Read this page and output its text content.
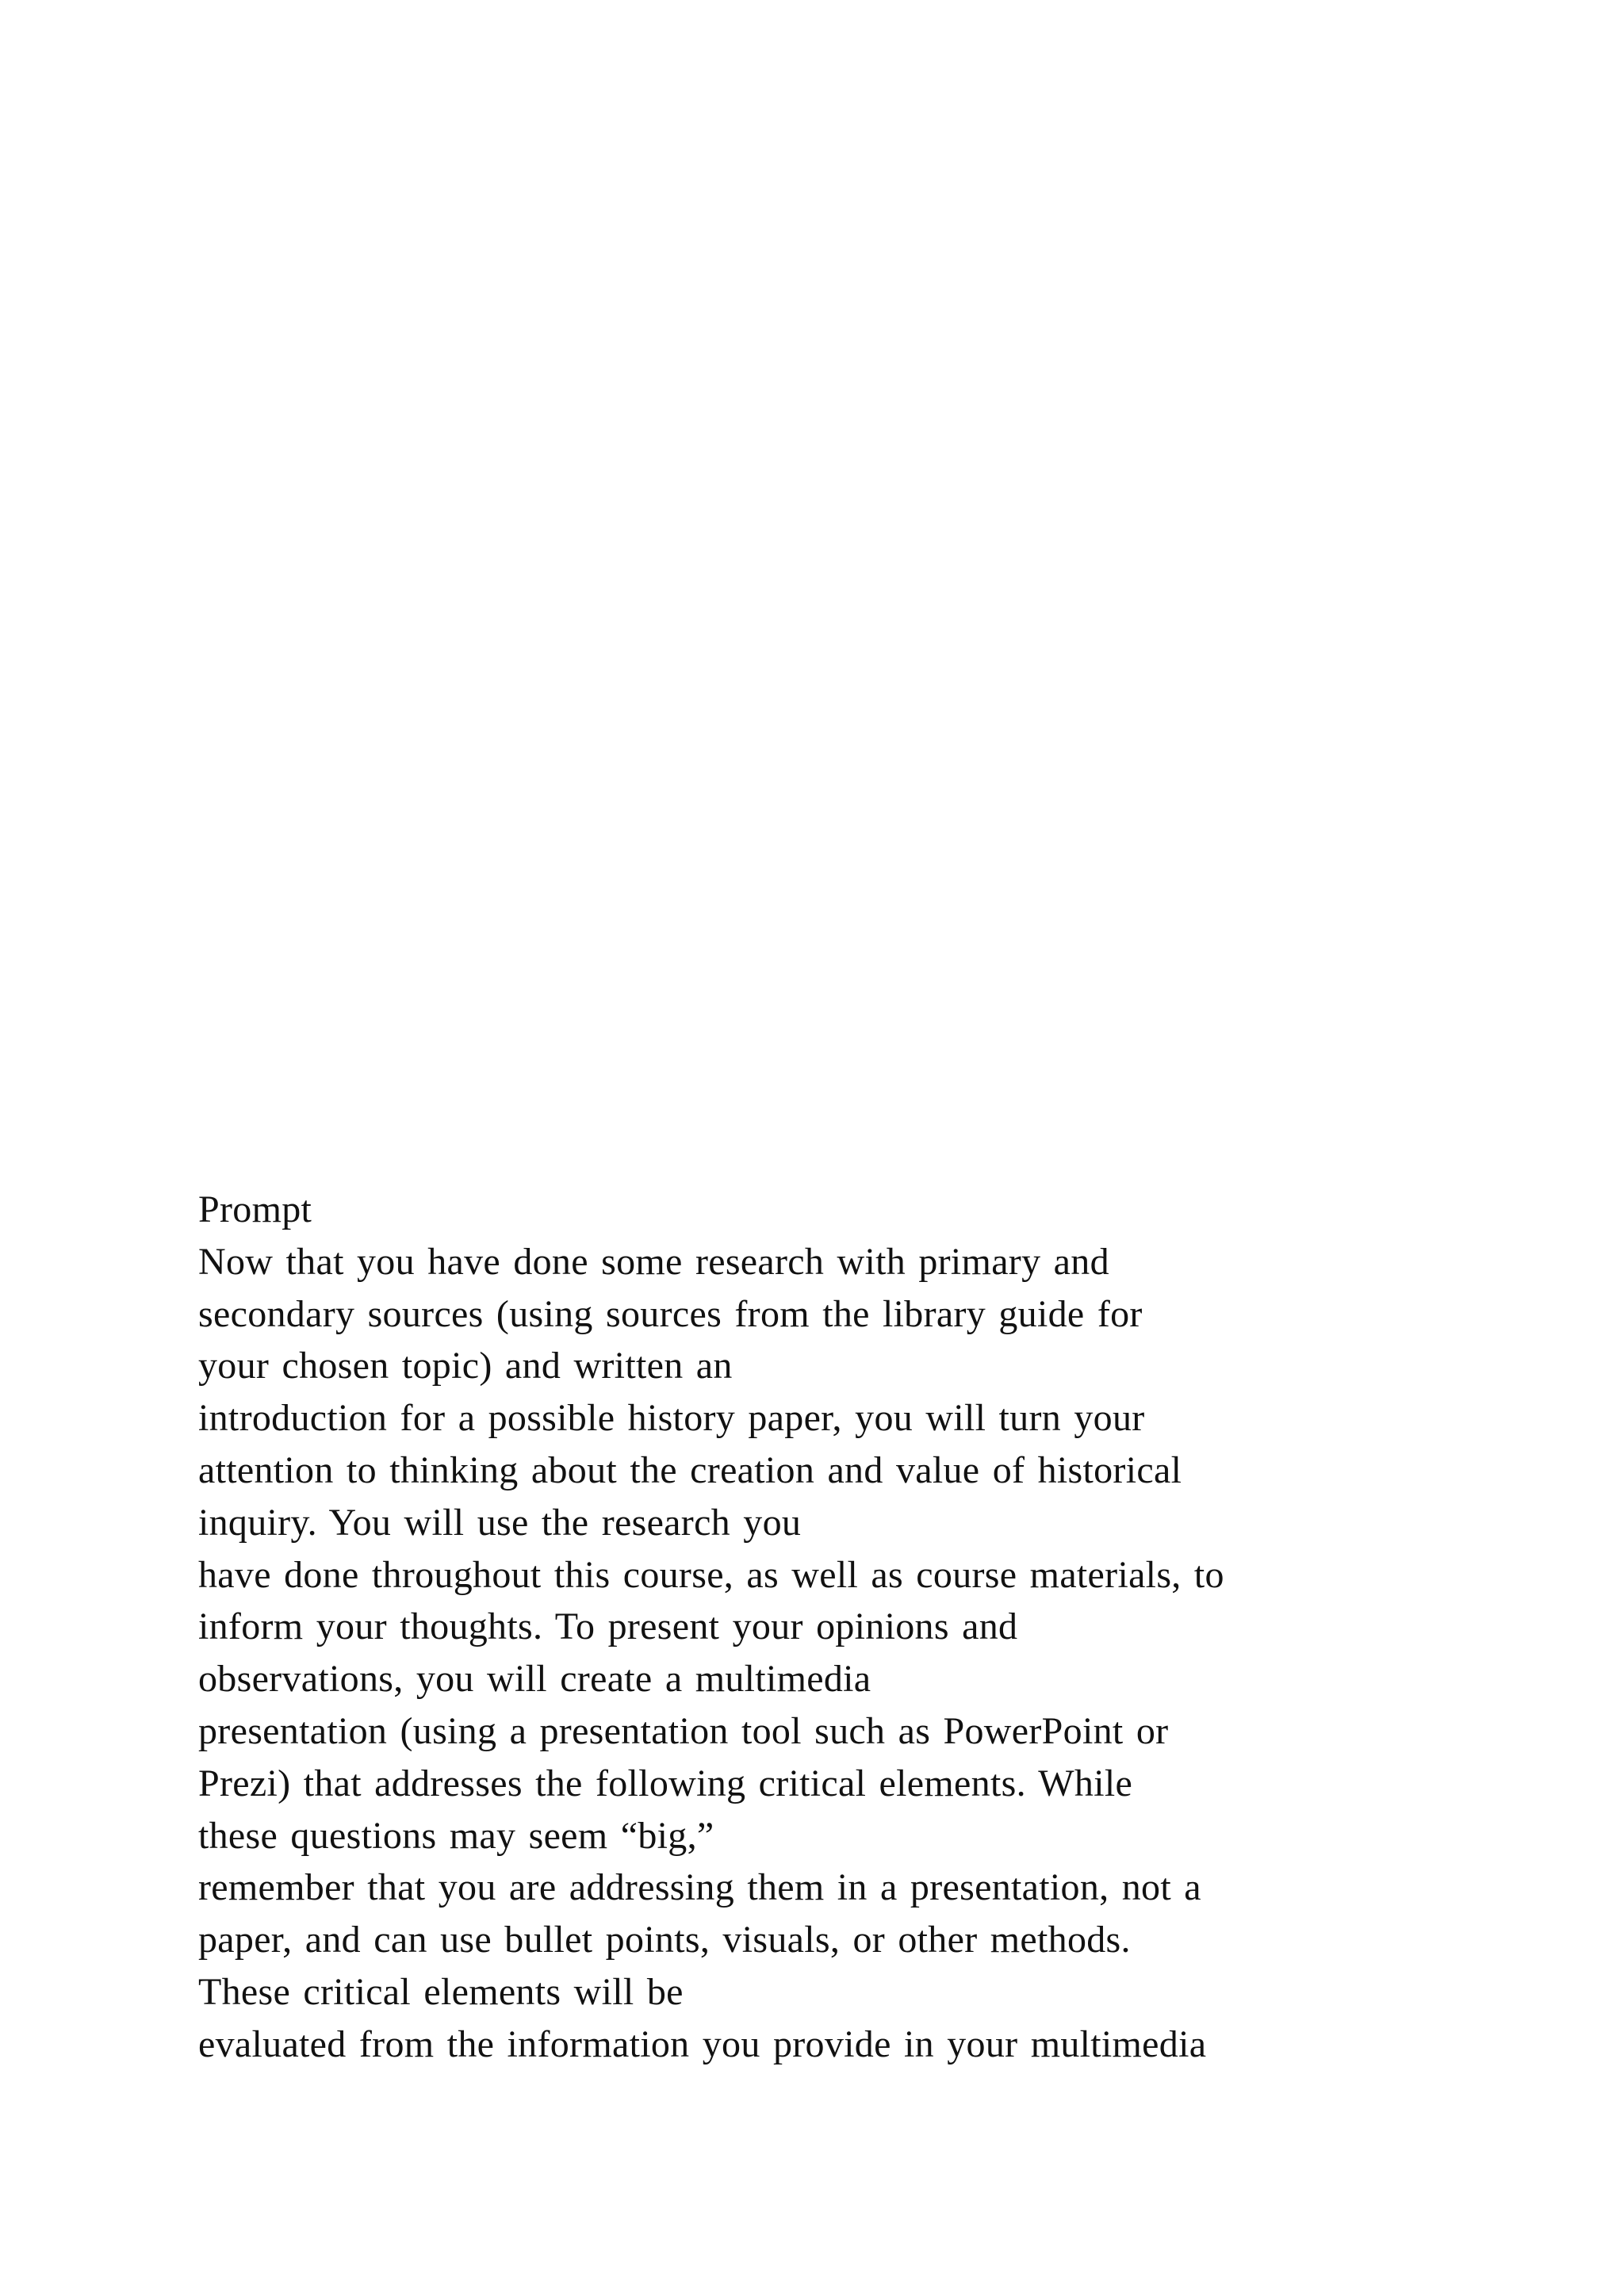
Prompt
Now that you have done some research with primary and
secondary sources (using sources from the library guide for
your chosen topic) and written an
introduction for a possible history paper, you will turn your
attention to thinking about the creation and value of historical
inquiry. You will use the research you
have done throughout this course, as well as course materials, to
inform your thoughts. To present your opinions and
observations, you will create a multimedia
presentation (using a presentation tool such as PowerPoint or
Prezi) that addresses the following critical elements. While
these questions may seem “big,”
remember that you are addressing them in a presentation, not a
paper, and can use bullet points, visuals, or other methods.
These critical elements will be
evaluated from the information you provide in your multimedia
